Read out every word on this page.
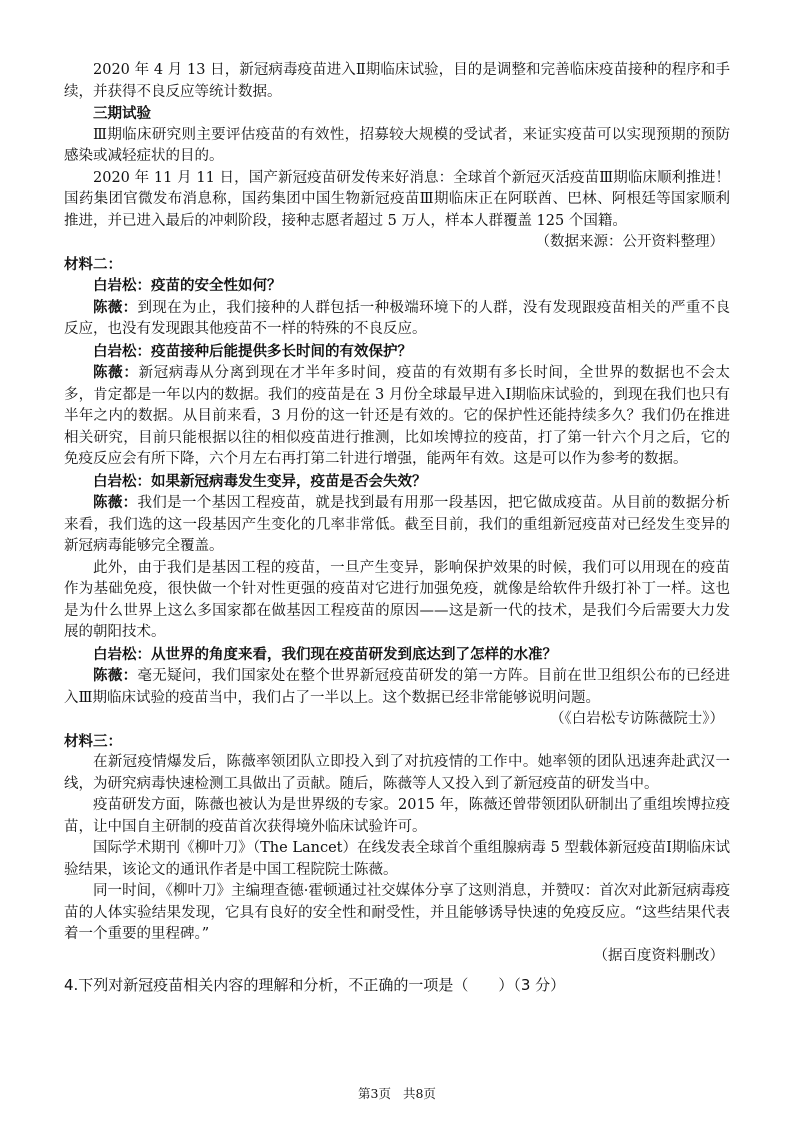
2020 年 4 月 13 日，新冠病毒疫苗进入Ⅱ期临床试验，目的是调整和完善临床疫苗接种的程序和手续，并获得不良反应等统计数据。

三期试验

Ⅲ期临床研究则主要评估疫苗的有效性，招募较大规模的受试者，来证实疫苗可以实现预期的预防感染或减轻症状的目的。

2020 年 11 月 11 日，国产新冠疫苗研发传来好消息：全球首个新冠灭活疫苗Ⅲ期临床顺利推进！国药集团官微发布消息称，国药集团中国生物新冠疫苗Ⅲ期临床正在阿联酋、巴林、阿根廷等国家顺利推进，并已进入最后的冲刺阶段，接种志愿者超过 5 万人，样本人群覆盖 125 个国籍。

（数据来源：公开资料整理）

材料二：

白岩松：疫苗的安全性如何？

陈薇：到现在为止，我们接种的人群包括一种极端环境下的人群，没有发现跟疫苗相关的严重不良反应，也没有发现跟其他疫苗不一样的特殊的不良反应。

白岩松：疫苗接种后能提供多长时间的有效保护？

陈薇：新冠病毒从分离到现在才半年多时间，疫苗的有效期有多长时间，全世界的数据也不会太多，肯定都是一年以内的数据。我们的疫苗是在 3 月份全球最早进入Ⅰ期临床试验的，到现在我们也只有半年之内的数据。从目前来看，3 月份的这一针还是有效的。它的保护性还能持续多久？我们仍在推进相关研究，目前只能根据以往的相似疫苗进行推测，比如埃博拉的疫苗，打了第一针六个月之后，它的免疫反应会有所下降，六个月左右再打第二针进行增强，能两年有效。这是可以作为参考的数据。

白岩松：如果新冠病毒发生变异，疫苗是否会失效？

陈薇：我们是一个基因工程疫苗，就是找到最有用那一段基因，把它做成疫苗。从目前的数据分析来看，我们选的这一段基因产生变化的几率非常低。截至目前，我们的重组新冠疫苗对已经发生变异的新冠病毒能够完全覆盖。

此外，由于我们是基因工程的疫苗，一旦产生变异，影响保护效果的时候，我们可以用现在的疫苗作为基础免疫，很快做一个针对性更强的疫苗对它进行加强免疫，就像是给软件升级打补丁一样。这也是为什么世界上这么多国家都在做基因工程疫苗的原因——这是新一代的技术，是我们今后需要大力发展的朝阳技术。

白岩松：从世界的角度来看，我们现在疫苗研发到底达到了怎样的水准？

陈薇：毫无疑问，我们国家处在整个世界新冠疫苗研发的第一方阵。目前在世卫组织公布的已经进入Ⅲ期临床试验的疫苗当中，我们占了一半以上。这个数据已经非常能够说明问题。

（《白岩松专访陈薇院士》）

材料三：

在新冠疫情爆发后，陈薇率领团队立即投入到了对抗疫情的工作中。她率领的团队迅速奔赴武汉一线，为研究病毒快速检测工具做出了贡献。随后，陈薇等人又投入到了新冠疫苗的研发当中。

疫苗研发方面，陈薇也被认为是世界级的专家。2015 年，陈薇还曾带领团队研制出了重组埃博拉疫苗，让中国自主研制的疫苗首次获得境外临床试验许可。

国际学术期刊《柳叶刀》（The Lancet）在线发表全球首个重组腺病毒 5 型载体新冠疫苗Ⅰ期临床试验结果，该论文的通讯作者是中国工程院院士陈薇。

同一时间，《柳叶刀》主编理查德·霍顿通过社交媒体分享了这则消息，并赞叹：首次对此新冠病毒疫苗的人体实验结果发现，它具有良好的安全性和耐受性，并且能够诱导快速的免疫反应。“这些结果代表着一个重要的里程碑。”

（据百度资料删改）

4.下列对新冠疫苗相关内容的理解和分析，不正确的一项是（　　）（3 分）

第3页 共8页
